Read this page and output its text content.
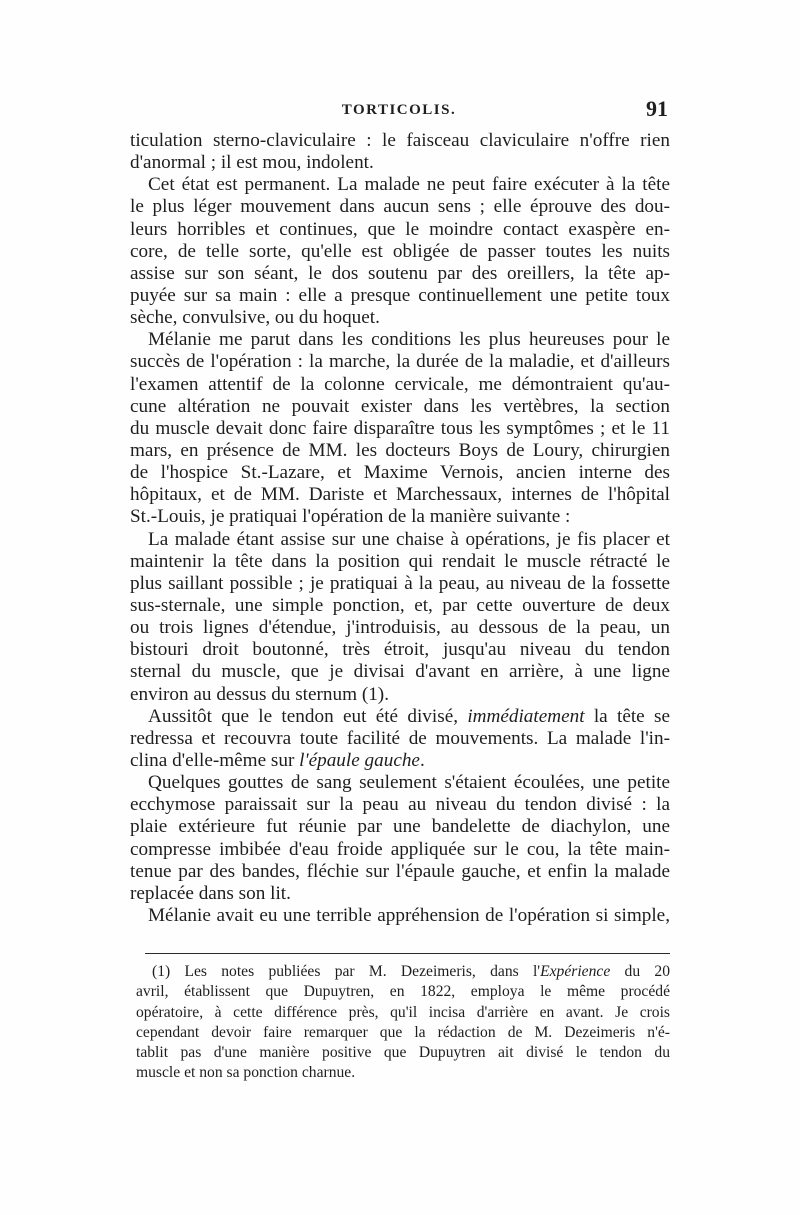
TORTICOLIS.	91
ticulation sterno-claviculaire : le faisceau claviculaire n'offre rien
d'anormal ; il est mou, indolent.
Cet état est permanent. La malade ne peut faire exécuter à la tête
le plus léger mouvement dans aucun sens ; elle éprouve des dou-
leurs horribles et continues, que le moindre contact exaspère en-
core, de telle sorte, qu'elle est obligée de passer toutes les nuits
assise sur son séant, le dos soutenu par des oreillers, la tête ap-
puyée sur sa main : elle a presque continuellement une petite toux
sèche, convulsive, ou du hoquet.
Mélanie me parut dans les conditions les plus heureuses pour le
succès de l'opération : la marche, la durée de la maladie, et d'ailleurs
l'examen attentif de la colonne cervicale, me démontraient qu'au-
cune altération ne pouvait exister dans les vertèbres, la section
du muscle devait donc faire disparaître tous les symptômes ; et le 11
mars, en présence de MM. les docteurs Boys de Loury, chirurgien
de l'hospice St.-Lazare, et Maxime Vernois, ancien interne des
hôpitaux, et de MM. Dariste et Marchessaux, internes de l'hôpital
St.-Louis, je pratiquai l'opération de la manière suivante :
La malade étant assise sur une chaise à opérations, je fis placer et
maintenir la tête dans la position qui rendait le muscle rétracté le
plus saillant possible ; je pratiquai à la peau, au niveau de la fossette
sus-sternale, une simple ponction, et, par cette ouverture de deux
ou trois lignes d'étendue, j'introduisis, au dessous de la peau, un
bistouri droit boutonné, très étroit, jusqu'au niveau du tendon
sternal du muscle, que je divisai d'avant en arrière, à une ligne
environ au dessus du sternum (1).
Aussitôt que le tendon eut été divisé, immédiatement la tête se
redressa et recouvra toute facilité de mouvements. La malade l'in-
clina d'elle-même sur l'épaule gauche.
Quelques gouttes de sang seulement s'étaient écoulées, une petite
ecchymose paraissait sur la peau au niveau du tendon divisé : la
plaie extérieure fut réunie par une bandelette de diachylon, une
compresse imbibée d'eau froide appliquée sur le cou, la tête main-
tenue par des bandes, fléchie sur l'épaule gauche, et enfin la malade
replacée dans son lit.
Mélanie avait eu une terrible appréhension de l'opération si simple,
(1) Les notes publiées par M. Dezeimeris, dans l'Expérience du 20
avril, établissent que Dupuytren, en 1822, employa le même procédé
opératoire, à cette différence près, qu'il incisa d'arrière en avant. Je crois
cependant devoir faire remarquer que la rédaction de M. Dezeimeris n'é-
tablit pas d'une manière positive que Dupuytren ait divisé le tendon du
muscle et non sa ponction charnue.
